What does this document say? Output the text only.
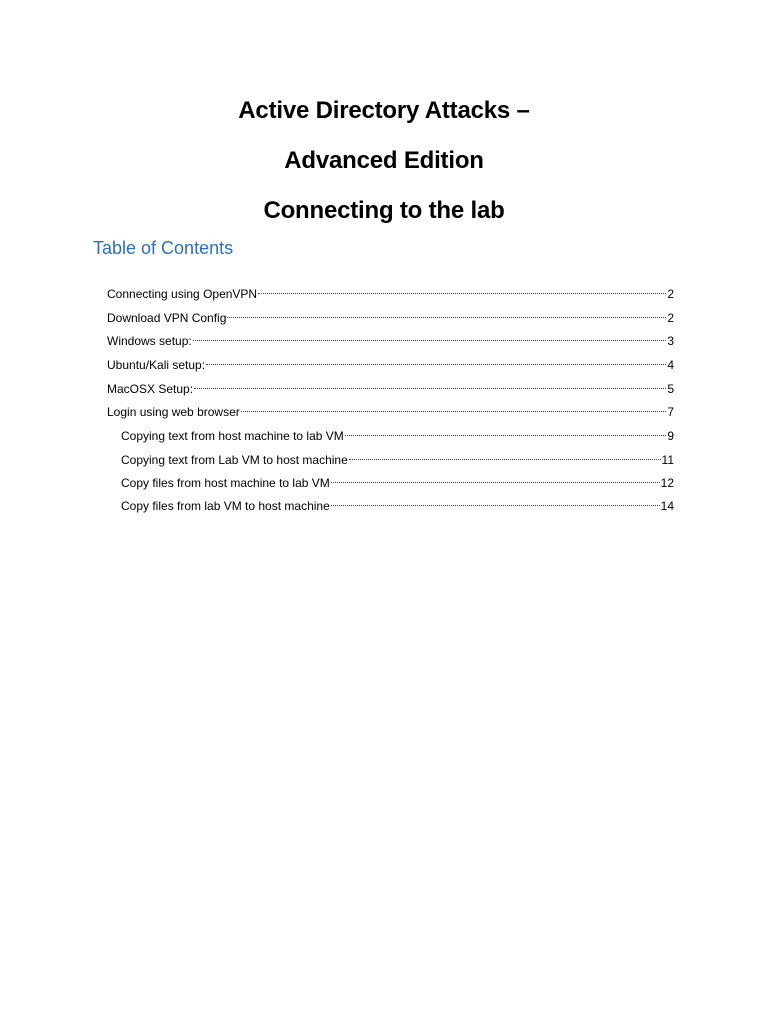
Active Directory Attacks –
Advanced Edition
Connecting to the lab
Table of Contents
Connecting using OpenVPN	2
Download VPN Config	2
Windows setup:	3
Ubuntu/Kali setup:	4
MacOSX Setup:	5
Login using web browser	7
Copying text from host machine to lab VM	9
Copying text from Lab VM to host machine	11
Copy files from host machine to lab VM	12
Copy files from lab VM to host machine	14
